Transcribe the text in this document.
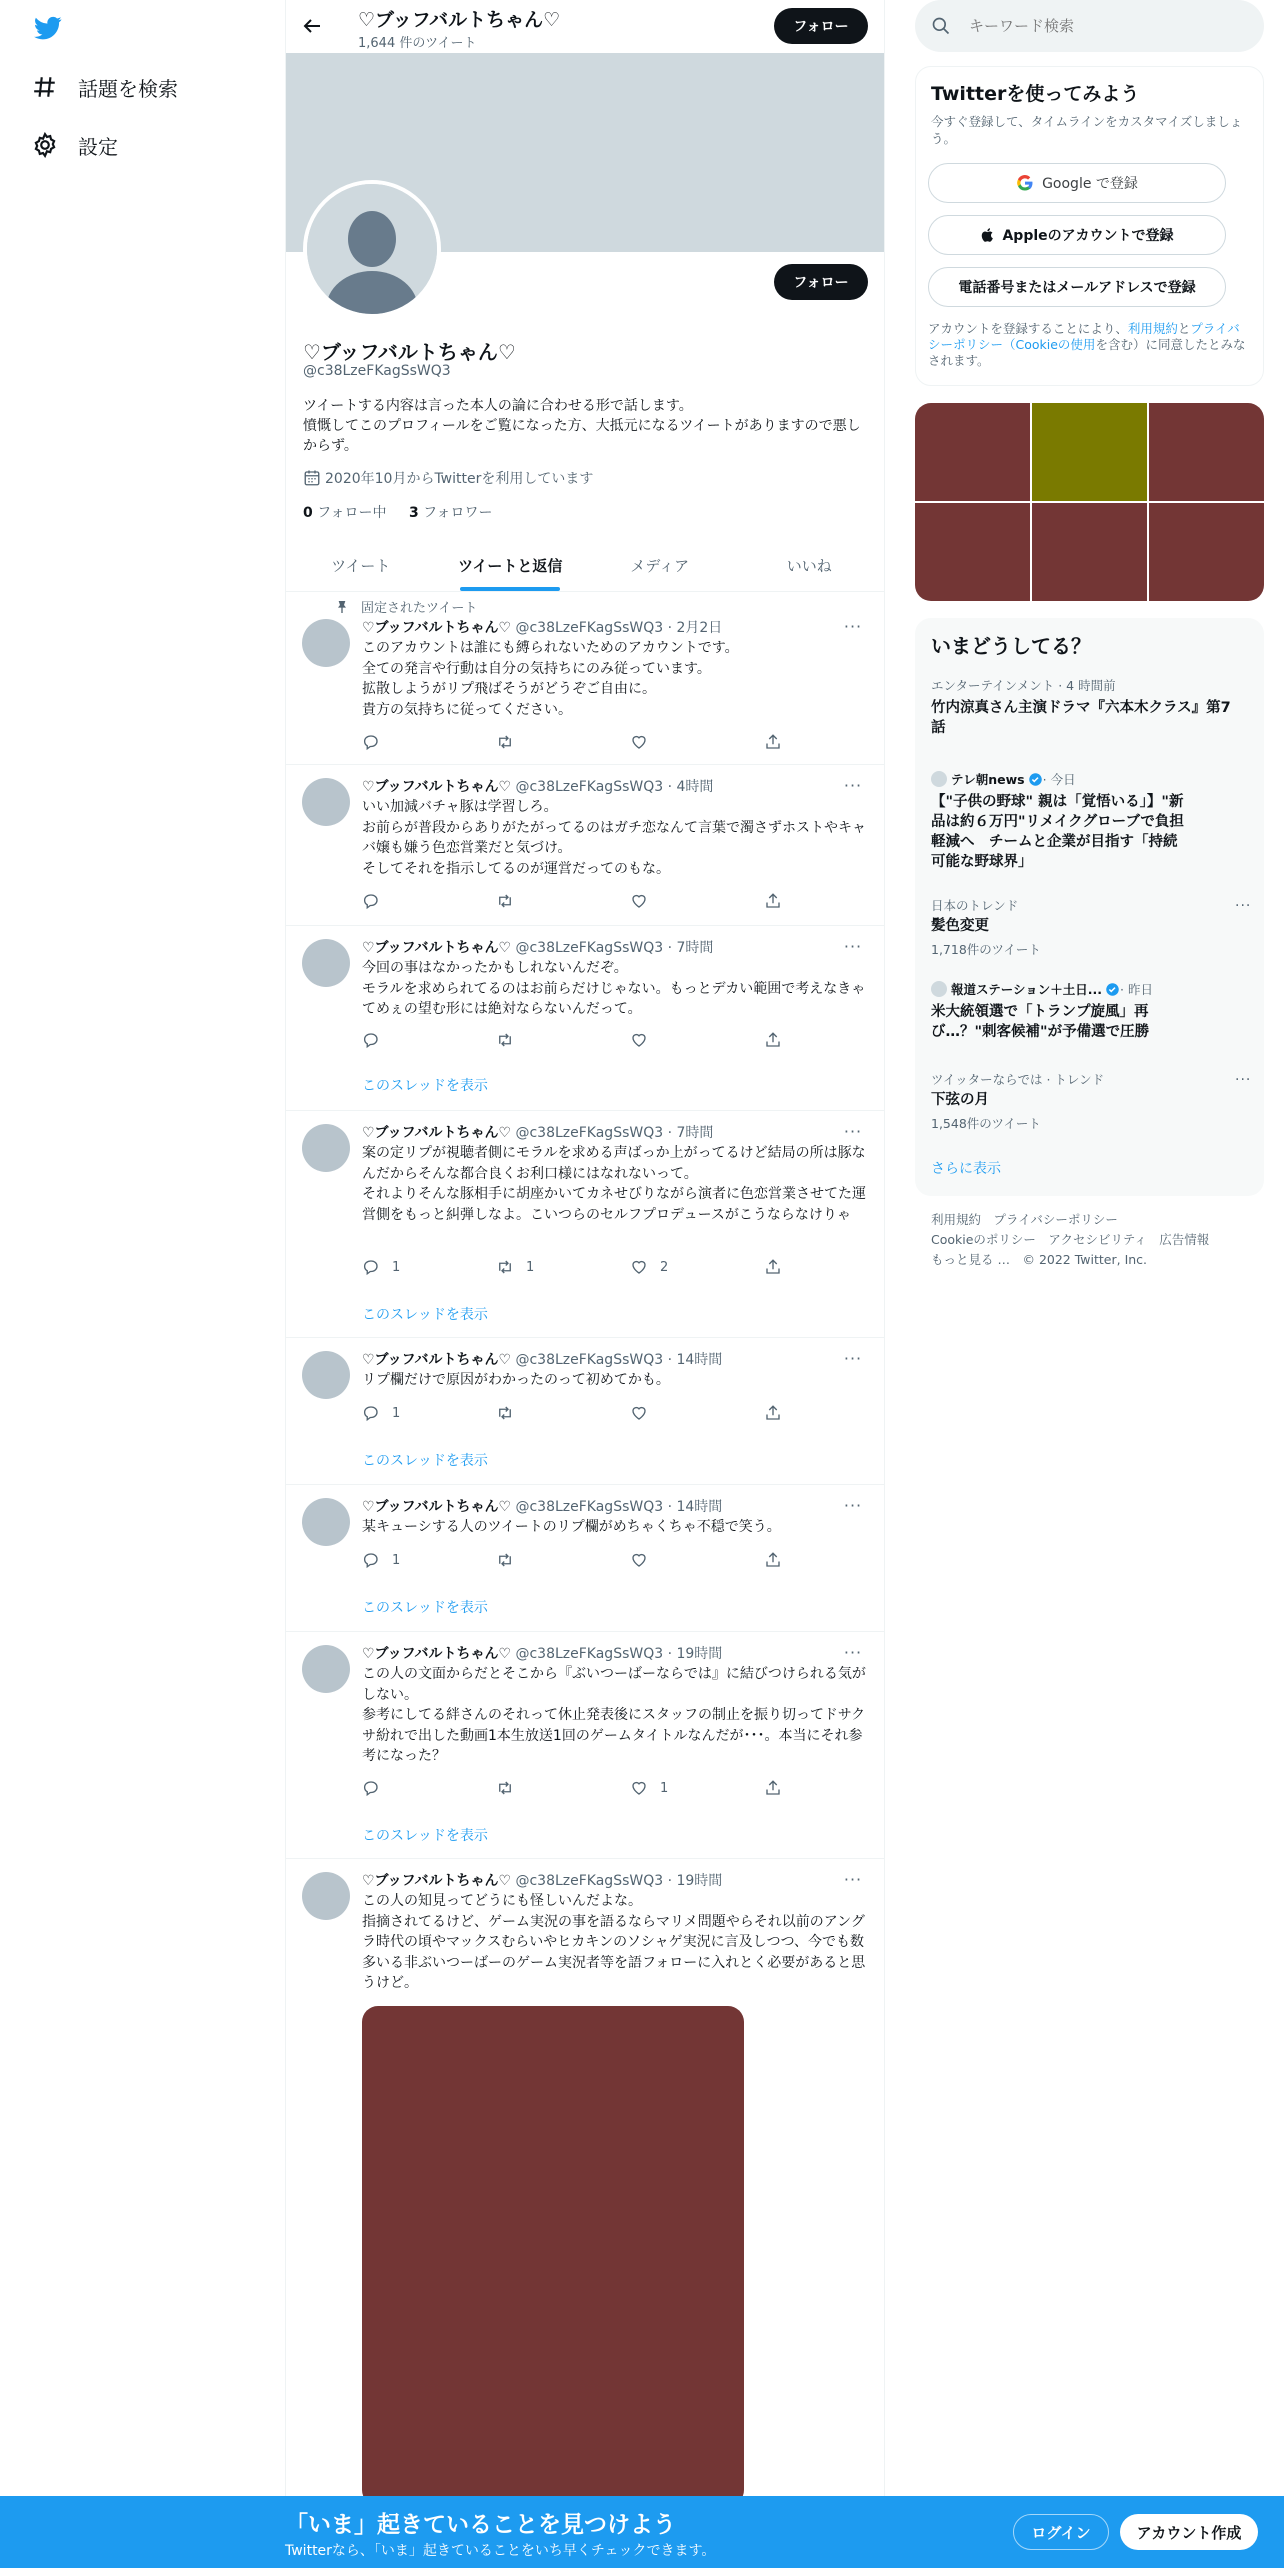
話題を検索
設定
♡ブッフバルトちゃん♡
1,644 件のツイート
フォロー
フォロー
♡ブッフバルトちゃん♡
@c38LzeFKagSsWQ3
ツイートする内容は言った本人の論に合わせる形で話します。
憤慨してこのプロフィールをご覧になった方、大抵元になるツイートがありますので悪しからず。
2020年10月からTwitterを利用しています
0 フォロー中 3 フォロワー
ツイート	ツイートと返信	メディア	いいね
固定されたツイート
♡ブッフバルトちゃん♡ @c38LzeFKagSsWQ3 · 2月2日	···
このアカウントは誰にも縛られないためのアカウントです。
全ての発言や行動は自分の気持ちにのみ従っています。
拡散しようがリプ飛ばそうがどうぞご自由に。
貴方の気持ちに従ってください。
♡ブッフバルトちゃん♡ @c38LzeFKagSsWQ3 · 4時間	···
いい加減バチャ豚は学習しろ。
お前らが普段からありがたがってるのはガチ恋なんて言葉で濁さずホストやキャバ嬢も嫌う色恋営業だと気づけ。
そしてそれを指示してるのが運営だってのもな。
♡ブッフバルトちゃん♡ @c38LzeFKagSsWQ3 · 7時間	···
今回の事はなかったかもしれないんだぞ。
モラルを求められてるのはお前らだけじゃない。もっとデカい範囲で考えなきゃてめぇの望む形には絶対ならないんだって。
このスレッドを表示
♡ブッフバルトちゃん♡ @c38LzeFKagSsWQ3 · 7時間	···
案の定リプが視聴者側にモラルを求める声ばっか上がってるけど結局の所は豚なんだからそんな都合良くお利口様にはなれないって。
それよりそんな豚相手に胡座かいてカネせびりながら演者に色恋営業させてた運営側をもっと糾弾しなよ。こいつらのセルフプロデュースがこうならなけりゃ
1	1	2
このスレッドを表示
♡ブッフバルトちゃん♡ @c38LzeFKagSsWQ3 · 14時間	···
リプ欄だけで原因がわかったのって初めてかも。
1
このスレッドを表示
♡ブッフバルトちゃん♡ @c38LzeFKagSsWQ3 · 14時間	···
某キューシする人のツイートのリプ欄がめちゃくちゃ不穏で笑う。
1
このスレッドを表示
♡ブッフバルトちゃん♡ @c38LzeFKagSsWQ3 · 19時間	···
この人の文面からだとそこから『ぶいつーばーならでは』に結びつけられる気がしない。
参考にしてる絆さんのそれって休止発表後にスタッフの制止を振り切ってドサクサ紛れで出した動画1本生放送1回のゲームタイトルなんだが･･･。本当にそれ参考になった？
1
このスレッドを表示
♡ブッフバルトちゃん♡ @c38LzeFKagSsWQ3 · 19時間	···
この人の知見ってどうにも怪しいんだよな。
指摘されてるけど、ゲーム実況の事を語るならマリメ問題やらそれ以前のアングラ時代の頃やマックスむらいやヒカキンのソシャゲ実況に言及しつつ、今でも数多いる非ぶいつーばーのゲーム実況者等を語フォローに入れとく必要があると思うけど。
キーワード検索
Twitterを使ってみよう
今すぐ登録して、タイムラインをカスタマイズしましょう。
Google で登録
Appleのアカウントで登録
電話番号またはメールアドレスで登録
アカウントを登録することにより、利用規約とプライバシーポリシー（Cookieの使用を含む）に同意したとみなされます。
いまどうしてる？
エンターテインメント · 4 時間前
竹内涼真さん主演ドラマ『六本木クラス』第7話
テレ朝news · 今日
【"子供の野球" 親は「覚悟いる」】"新品は約６万円"リメイクグローブで負担軽減へ　チームと企業が目指す「持続可能な野球界」
日本のトレンド
髪色変更
1,718件のツイート
···
報道ステーション＋土日... · 昨日
米大統領選で「トランプ旋風」再び…？"刺客候補"が予備選で圧勝
ツイッターならでは · トレンド
下弦の月
1,548件のツイート
···
さらに表示
利用規約　プライバシーポリシー
Cookieのポリシー　アクセシビリティ　広告情報
もっと見る …　© 2022 Twitter, Inc.
「いま」起きていることを見つけよう
Twitterなら、「いま」起きていることをいち早くチェックできます。
ログイン	アカウント作成
